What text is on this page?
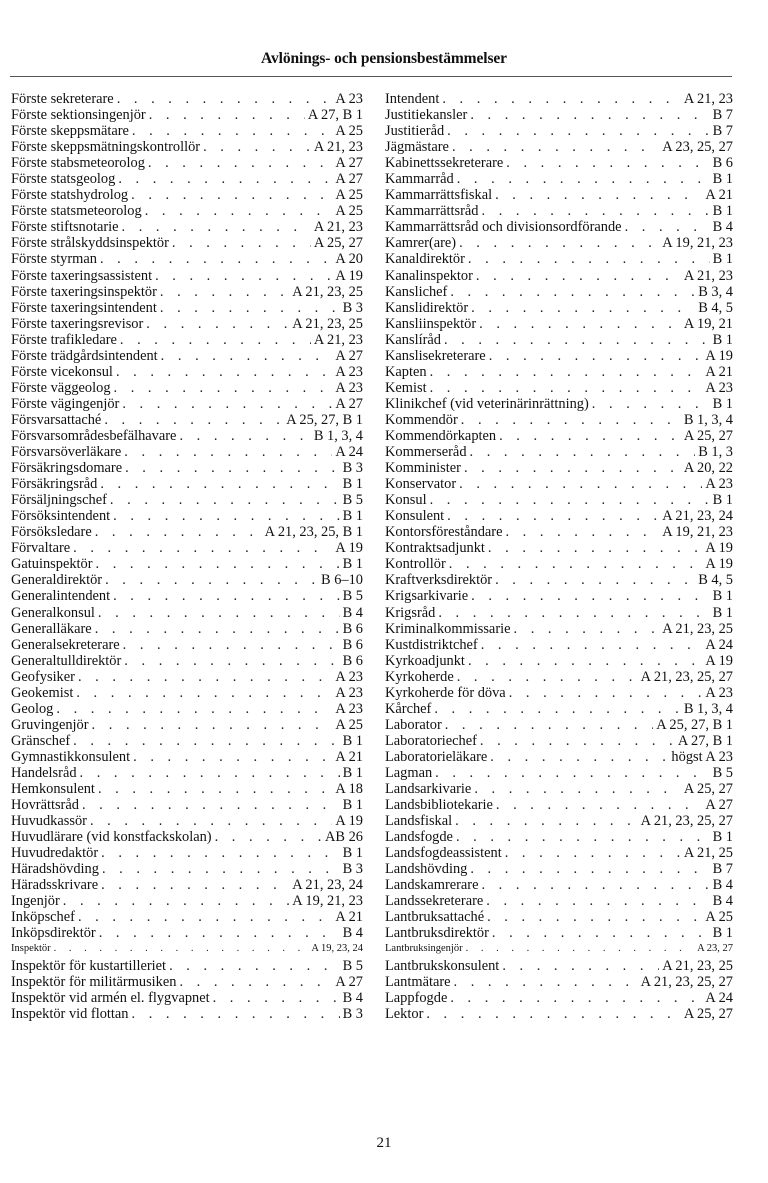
Avlönings- och pensionsbestämmelser
Förste sekreterare . . .	A 23
Förste sektionsingenjör . . .	A 27, B 1
Förste skeppsmätare . . .	A 25
Förste skeppsmätningskontrollör . . .	A 21, 23
Förste stabsmeteorolog . . .	A 27
Förste statsgeolog . . .	A 27
Förste statshydrolog . . .	A 25
Förste statsmeteorolog . . .	A 25
Förste stiftsnotarie . . .	A 21, 23
Förste strålskyddsinspektör . . .	A 25, 27
Förste styrman . . .	A 20
Förste taxeringsassistent . . .	A 19
Förste taxeringsinspektör . . .	A 21, 23, 25
Förste taxeringsintendent . . .	B 3
Förste taxeringsrevisor . . .	A 21, 23, 25
Förste trafikledare . . .	A 21, 23
Förste trädgårdsintendent . . .	A 27
Förste vicekonsul . . .	A 23
Förste väggeolog . . .	A 23
Förste vägingenjör . . .	A 27
Försvarsattaché . . .	A 25, 27, B 1
Försvarsområdesbefälhavare . . .	B 1, 3, 4
Försvarsöverläkare . . .	A 24
Försäkringsdomare . . .	B 3
Försäkringsråd . . .	B 1
Försäljningschef . . .	B 5
Försöksintendent . . .	B 1
Försöksledare . . .	A 21, 23, 25, B 1
Förvaltare . . .	A 19
Gatuinspektör . . .	B 1
Generaldirektör . . .	B 6–10
Generalintendent . . .	B 5
Generalkonsul . . .	B 4
Generalläkare . . .	B 6
Generalsekreterare . . .	B 6
Generaltulldirektör . . .	B 6
Geofysiker . . .	A 23
Geokemist . . .	A 23
Geolog . . .	A 23
Gruvingenjör . . .	A 25
Gränschef . . .	B 1
Gymnastikkonsulent . . .	A 21
Handelsråd . . .	B 1
Hemkonsulent . . .	A 18
Hovrättsråd . . .	B 1
Huvudkassör . . .	A 19
Huvudlärare (vid konstfackskolan) . . .	AB 26
Huvudredaktör . . .	B 1
Häradshövding . . .	B 3
Häradsskrivare . . .	A 21, 23, 24
Ingenjör . . .	A 19, 21, 23
Inköpschef . . .	A 21
Inköpsdirektör . . .	B 4
Inspektör . . .	A 19, 23, 24
Inspektör för kustartilleriet . . .	B 5
Inspektör för militärmusiken . . .	A 27
Inspektör vid armén el. flygvapnet . . .	B 4
Inspektör vid flottan . . .	B 3
Intendent . . .	A 21, 23
Justitiekansler . . .	B 7
Justitieråd . . .	B 7
Jägmästare . . .	A 23, 25, 27
Kabinettssekreterare . . .	B 6
Kammarråd . . .	B 1
Kammarrättsfiskal . . .	A 21
Kammarrättsråd . . .	B 1
Kammarrättsråd och divisionsordförande . . .	B 4
Kamrer(are) . . .	A 19, 21, 23
Kanaldirektör . . .	B 1
Kanalinspektor . . .	A 21, 23
Kanslichef . . .	B 3, 4
Kanslidirektör . . .	B 4, 5
Kansliinspektör . . .	A 19, 21
Kanslíråd . . .	B 1
Kanslisekreterare . . .	A 19
Kapten . . .	A 21
Kemist . . .	A 23
Klinikchef (vid veterinärinrättning) . . .	B 1
Kommendör . . .	B 1, 3, 4
Kommendörkapten . . .	A 25, 27
Kommerseråd . . .	B 1, 3
Komminister . . .	A 20, 22
Konservator . . .	A 23
Konsul . . .	B 1
Konsulent . . .	A 21, 23, 24
Kontorsföreståndare . . .	A 19, 21, 23
Kontraktsadjunkt . . .	A 19
Kontrollör . . .	A 19
Kraftverksdirektör . . .	B 4, 5
Krigsarkivarie . . .	B 1
Krigsråd . . .	B 1
Kriminalkommissarie . . .	A 21, 23, 25
Kustdistriktchef . . .	A 24
Kyrkoadjunkt . . .	A 19
Kyrkoherde . . .	A 21, 23, 25, 27
Kyrkoherde för döva . . .	A 23
Kårchef . . .	B 1, 3, 4
Laborator . . .	A 25, 27, B 1
Laboratoriechef . . .	A 27, B 1
Laboratorieläkare . . .	högst A 23
Lagman . . .	B 5
Landsarkivarie . . .	A 25, 27
Landsbibliotekarie . . .	A 27
Landsfiskal . . .	A 21, 23, 25, 27
Landsfogde . . .	B 1
Landsfogdeassistent . . .	A 21, 25
Landshövding . . .	B 7
Landskamrerare . . .	B 4
Landssekreterare . . .	B 4
Lantbruksattaché . . .	A 25
Lantbruksdirektör . . .	B 1
Lantbruksingenjör . . .	A 23, 27
Lantbrukskonsulent . . .	A 21, 23, 25
Lantmätare . . .	A 21, 23, 25, 27
Lappfogde . . .	A 24
Lektor . . .	A 25, 27
21
